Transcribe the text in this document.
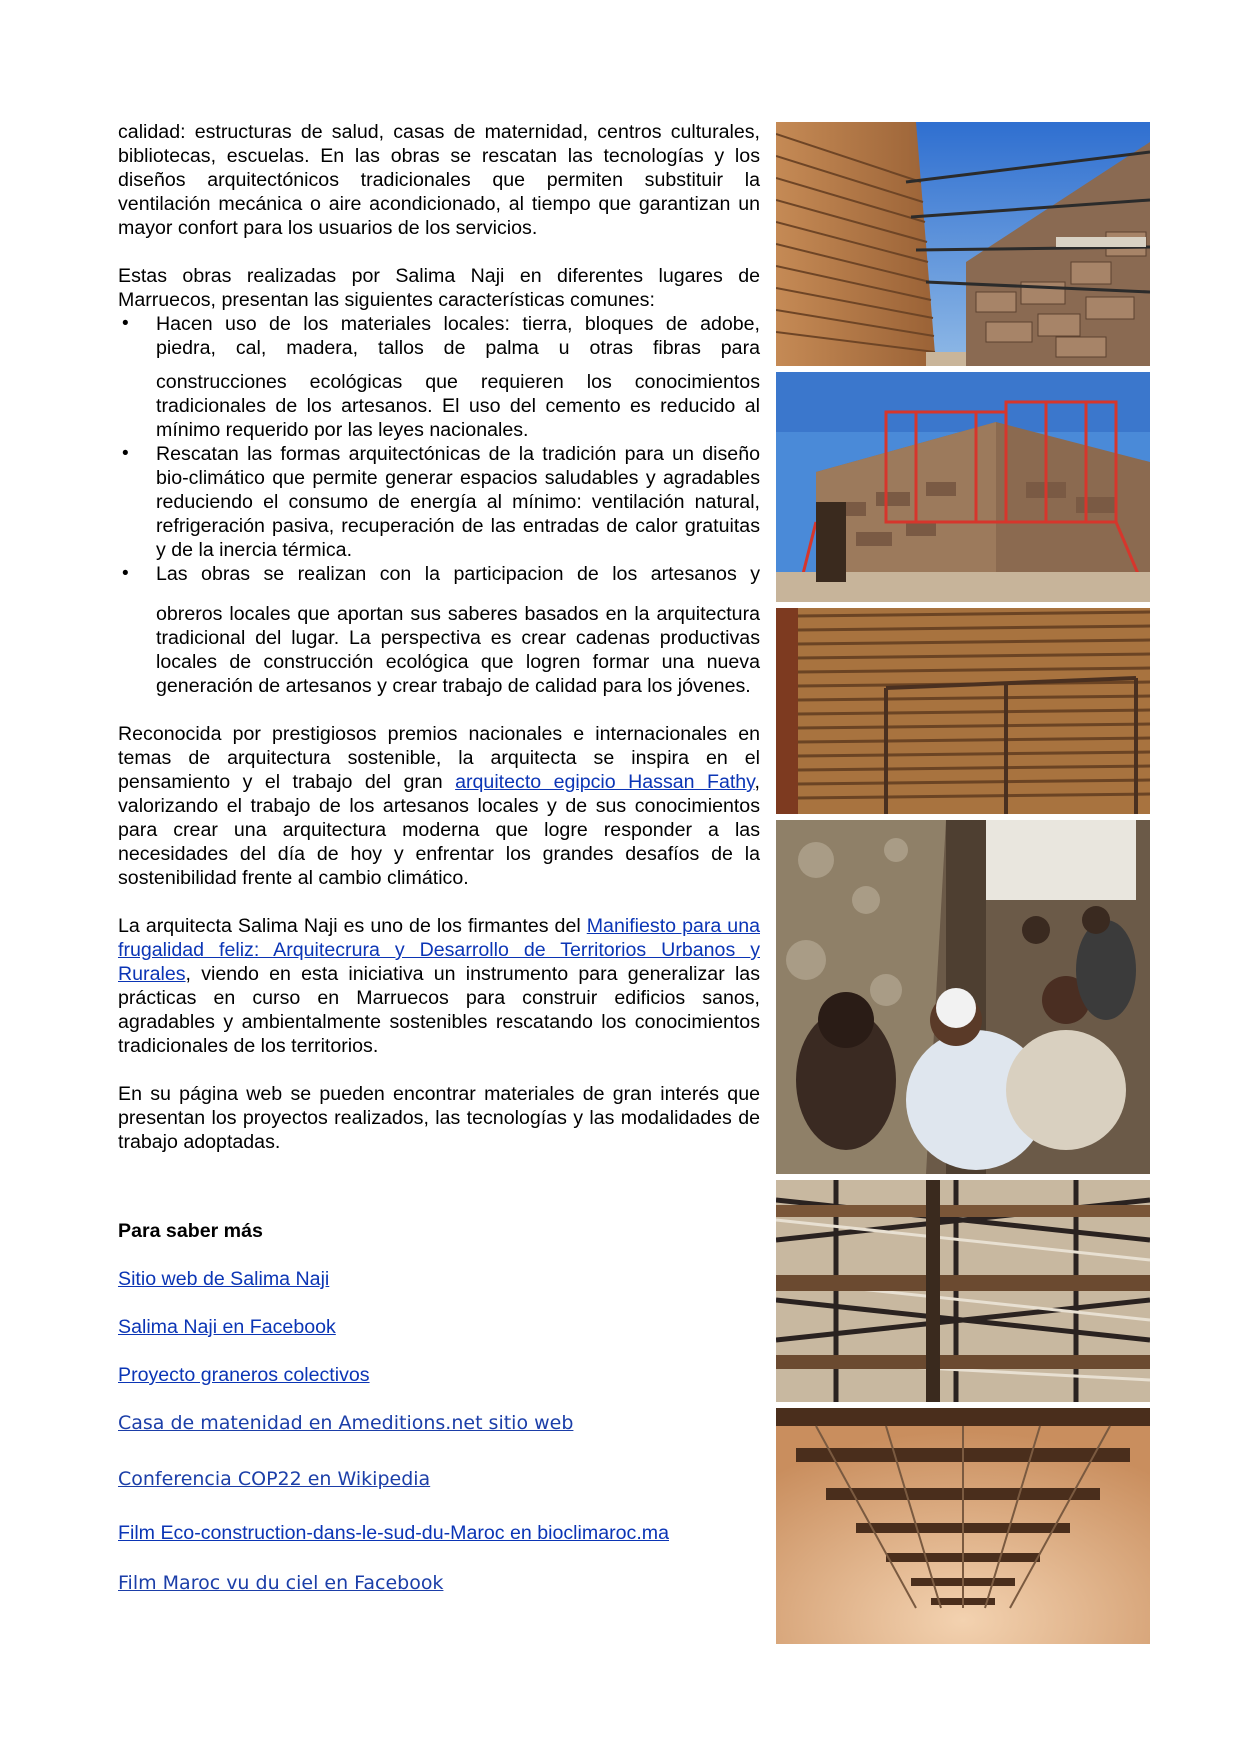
calidad: estructuras de salud, casas de maternidad, centros culturales, bibliotecas, escuelas. En las obras se rescatan las tecnologías y los diseños arquitectónicos tradicionales que permiten substituir la ventilación mecánica o aire acondicionado, al tiempo que garantizan un mayor confort para los usuarios de los servicios.

Estas obras realizadas por Salima Naji en diferentes lugares de Marruecos, presentan las siguientes características comunes:

• Hacen uso de los materiales locales: tierra, bloques de adobe, piedra, cal, madera, tallos de palma u otras fibras para

construcciones ecológicas que requieren los conocimientos tradicionales de los artesanos. El uso del cemento es reducido al mínimo requerido por las leyes nacionales.

• Rescatan las formas arquitectónicas de la tradición para un diseño bio-climático que permite generar espacios saludables y agradables reduciendo el consumo de energía al mínimo: ventilación natural, refrigeración pasiva, recuperación de las entradas de calor gratuitas y de la inercia térmica.

• Las obras se realizan con la participacion de los artesanos y

obreros locales que aportan sus saberes basados en la arquitectura tradicional del lugar. La perspectiva es crear cadenas productivas locales de construcción ecológica que logren formar una nueva generación de artesanos y crear trabajo de calidad para los jóvenes.

Reconocida por prestigiosos premios nacionales e internacionales en temas de arquitectura sostenible, la arquitecta se inspira en el pensamiento y el trabajo del gran arquitecto egipcio Hassan Fathy, valorizando el trabajo de los artesanos locales y de sus conocimientos para crear una arquitectura moderna que logre responder a las necesidades del día de hoy y enfrentar los grandes desafíos de la sostenibilidad frente al cambio climático.

La arquitecta Salima Naji es uno de los firmantes del Manifiesto para una frugalidad feliz: Arquitecrura y Desarrollo de Territorios Urbanos y Rurales, viendo en esta iniciativa un instrumento para generalizar las prácticas en curso en Marruecos para construir edificios sanos, agradables y ambientalmente sostenibles rescatando los conocimientos tradicionales de los territorios.

En su página web se pueden encontrar materiales de gran interés que presentan los proyectos realizados, las tecnologías y las modalidades de trabajo adoptadas.

Para saber más
Sitio web de Salima Naji
Salima Naji en Facebook
Proyecto graneros colectivos
Casa de matenidad en Ameditions.net sitio web
Conferencia COP22 en Wikipedia
Film Eco-construction-dans-le-sud-du-Maroc en bioclimaroc.ma
Film Maroc vu du ciel en Facebook
